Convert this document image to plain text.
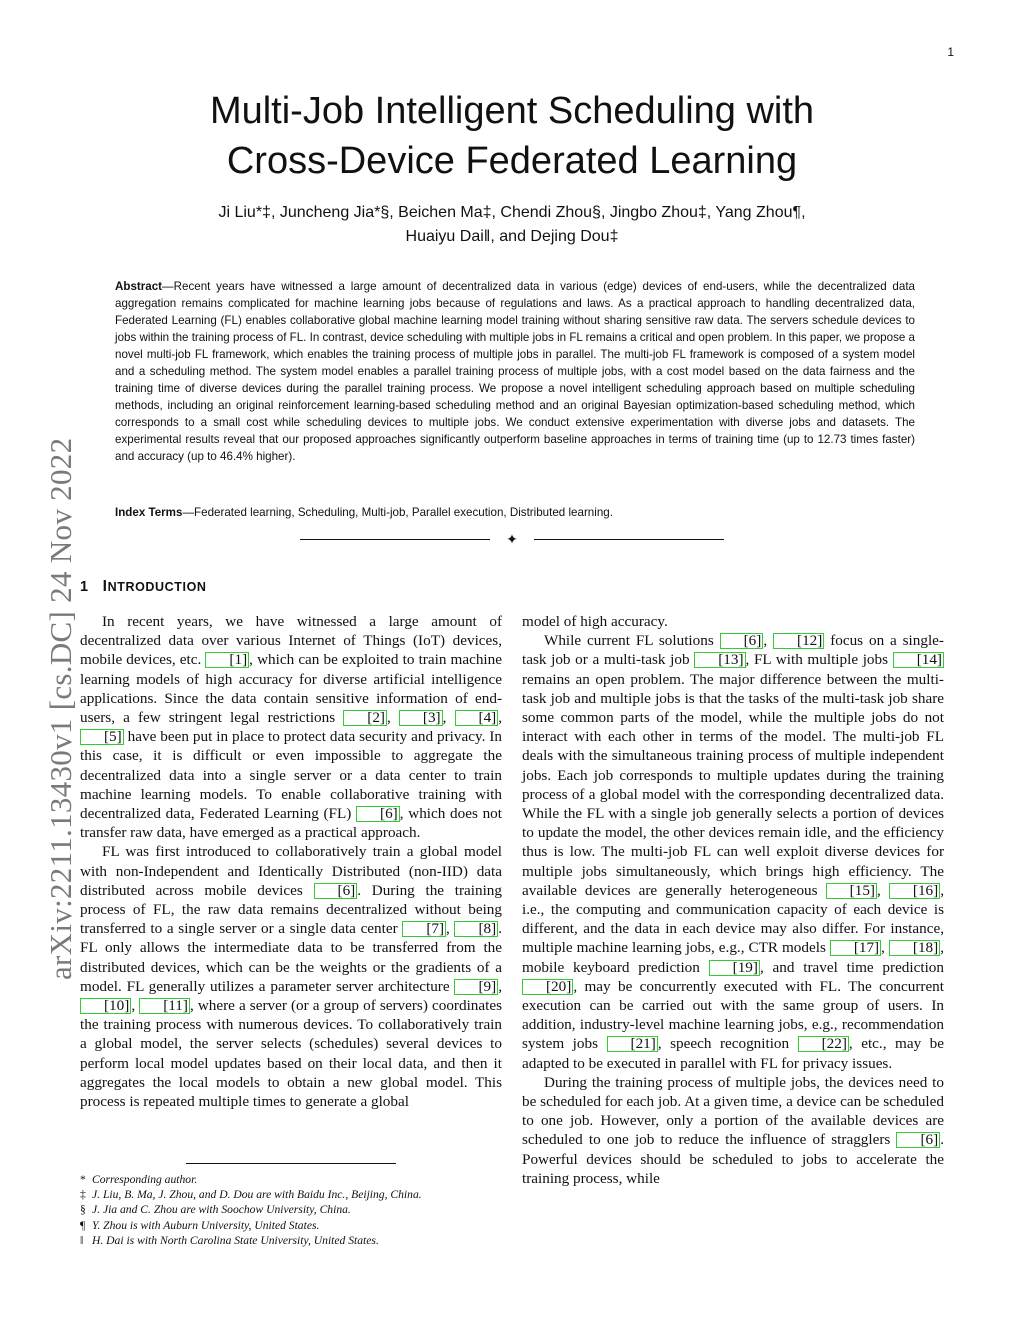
1
arXiv:2211.13430v1 [cs.DC] 24 Nov 2022
Multi-Job Intelligent Scheduling with
Cross-Device Federated Learning
Ji Liu*‡, Juncheng Jia*§, Beichen Ma‡, Chendi Zhou§, Jingbo Zhou‡, Yang Zhou¶,
Huaiyu Dai‖, and Dejing Dou‡

Abstract—Recent years have witnessed a large amount of decentralized data in various (edge) devices of end-users, while the decentralized data aggregation remains complicated for machine learning jobs because of regulations and laws. As a practical approach to handling decentralized data, Federated Learning (FL) enables collaborative global machine learning model training without sharing sensitive raw data. The servers schedule devices to jobs within the training process of FL. In contrast, device scheduling with multiple jobs in FL remains a critical and open problem. In this paper, we propose a novel multi-job FL framework, which enables the training process of multiple jobs in parallel. The multi-job FL framework is composed of a system model and a scheduling method. The system model enables a parallel training process of multiple jobs, with a cost model based on the data fairness and the training time of diverse devices during the parallel training process. We propose a novel intelligent scheduling approach based on multiple scheduling methods, including an original reinforcement learning-based scheduling method and an original Bayesian optimization-based scheduling method, which corresponds to a small cost while scheduling devices to multiple jobs. We conduct extensive experimentation with diverse jobs and datasets. The experimental results reveal that our proposed approaches significantly outperform baseline approaches in terms of training time (up to 12.73 times faster) and accuracy (up to 46.4% higher).

Index Terms—Federated learning, Scheduling, Multi-job, Parallel execution, Distributed learning.

✦
1 INTRODUCTION

In recent years, we have witnessed a large amount of decentralized data over various Internet of Things (IoT) devices, mobile devices, etc. [1] , which can be exploited to train machine learning models of high accuracy for diverse artificial intelligence applications. Since the data contain sensitive information of end-users, a few stringent legal restrictions [2] , [3] , [4] , [5] have been put in place to protect data security and privacy. In this case, it is difficult or even impossible to aggregate the decentralized data into a single server or a data center to train machine learning models. To enable collaborative training with decentralized data, Federated Learning (FL) [6] , which does not transfer raw data, have emerged as a practical approach.

FL was first introduced to collaboratively train a global model with non-Independent and Identically Distributed (non-IID) data distributed across mobile devices [6] . During the training process of FL, the raw data remains decentralized without being transferred to a single server or a single data center [7] , [8] . FL only allows the intermediate data to be transferred from the distributed devices, which can be the weights or the gradients of a model. FL generally utilizes a parameter server architecture [9] , [10] , [11] , where a server (or a group of servers) coordinates the training process with numerous devices. To collaboratively train a global model, the server selects (schedules) several devices to perform local model updates based on their local data, and then it aggregates the local models to obtain a new global model. This process is repeated multiple times to generate a global

model of high accuracy.

While current FL solutions [6] , [12] focus on a single-task job or a multi-task job [13] , FL with multiple jobs [14] remains an open problem. The major difference between the multi-task job and multiple jobs is that the tasks of the multi-task job share some common parts of the model, while the multiple jobs do not interact with each other in terms of the model. The multi-job FL deals with the simultaneous training process of multiple independent jobs. Each job corresponds to multiple updates during the training process of a global model with the corresponding decentralized data. While the FL with a single job generally selects a portion of devices to update the model, the other devices remain idle, and the efficiency thus is low. The multi-job FL can well exploit diverse devices for multiple jobs simultaneously, which brings high efficiency. The available devices are generally heterogeneous [15] , [16] , i.e., the computing and communication capacity of each device is different, and the data in each device may also differ. For instance, multiple machine learning jobs, e.g., CTR models [17] , [18] , mobile keyboard prediction [19] , and travel time prediction [20] , may be concurrently executed with FL. The concurrent execution can be carried out with the same group of users. In addition, industry-level machine learning jobs, e.g., recommendation system jobs [21] , speech recognition [22] , etc., may be adapted to be executed in parallel with FL for privacy issues.

During the training process of multiple jobs, the devices need to be scheduled for each job. At a given time, a device can be scheduled to one job. However, only a portion of the available devices are scheduled to one job to reduce the influence of stragglers [6] . Powerful devices should be scheduled to jobs to accelerate the training process, while

* Corresponding author.
‡ J. Liu, B. Ma, J. Zhou, and D. Dou are with Baidu Inc., Beijing, China.
§ J. Jia and C. Zhou are with Soochow University, China.
¶ Y. Zhou is with Auburn University, United States.
‖ H. Dai is with North Carolina State University, United States.
